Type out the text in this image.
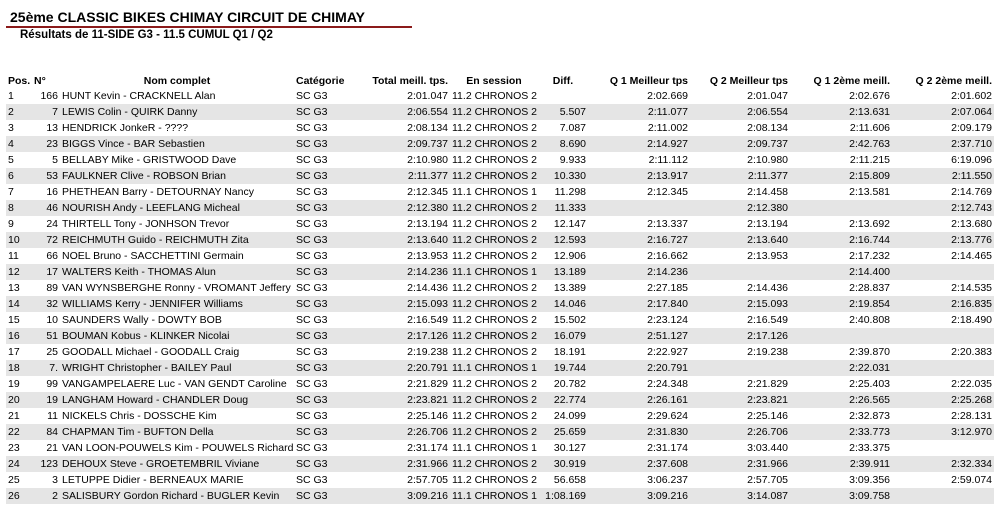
25ème CLASSIC BIKES CHIMAY CIRCUIT DE CHIMAY
Résultats de 11-SIDE G3 - 11.5 CUMUL Q1 / Q2
Pos.	N°	Nom complet	Catégorie	Total meill. tps.	En session	Diff.	Q 1 Meilleur tps	Q 2 Meilleur tps	Q 1 2ème meill.	Q 2 2ème meill.
1	166	HUNT Kevin - CRACKNELL Alan	SC G3	2:01.047	11.2 CHRONOS 2		2:02.669	2:01.047	2:02.676	2:01.602
2	7	LEWIS Colin - QUIRK Danny	SC G3	2:06.554	11.2 CHRONOS 2	5.507	2:11.077	2:06.554	2:13.631	2:07.064
3	13	HENDRICK JonkeR - ????	SC G3	2:08.134	11.2 CHRONOS 2	7.087	2:11.002	2:08.134	2:11.606	2:09.179
4	23	BIGGS Vince - BAR Sebastien	SC G3	2:09.737	11.2 CHRONOS 2	8.690	2:14.927	2:09.737	2:42.763	2:37.710
5	5	BELLABY Mike - GRISTWOOD Dave	SC G3	2:10.980	11.2 CHRONOS 2	9.933	2:11.112	2:10.980	2:11.215	6:19.096
6	53	FAULKNER Clive - ROBSON Brian	SC G3	2:11.377	11.2 CHRONOS 2	10.330	2:13.917	2:11.377	2:15.809	2:11.550
7	16	PHETHEAN Barry - DETOURNAY Nancy	SC G3	2:12.345	11.1 CHRONOS 1	11.298	2:12.345	2:14.458	2:13.581	2:14.769
8	46	NOURISH Andy - LEEFLANG Micheal	SC G3	2:12.380	11.2 CHRONOS 2	11.333		2:12.380		2:12.743
9	24	THIRTELL Tony - JONHSON Trevor	SC G3	2:13.194	11.2 CHRONOS 2	12.147	2:13.337	2:13.194	2:13.692	2:13.680
10	72	REICHMUTH Guido - REICHMUTH Zita	SC G3	2:13.640	11.2 CHRONOS 2	12.593	2:16.727	2:13.640	2:16.744	2:13.776
11	66	NOEL Bruno - SACCHETTINI Germain	SC G3	2:13.953	11.2 CHRONOS 2	12.906	2:16.662	2:13.953	2:17.232	2:14.465
12	17	WALTERS Keith - THOMAS Alun	SC G3	2:14.236	11.1 CHRONOS 1	13.189	2:14.236		2:14.400	
13	89	VAN WYNSBERGHE Ronny - VROMANT Jeffery	SC G3	2:14.436	11.2 CHRONOS 2	13.389	2:27.185	2:14.436	2:28.837	2:14.535
14	32	WILLIAMS Kerry - JENNIFER Williams	SC G3	2:15.093	11.2 CHRONOS 2	14.046	2:17.840	2:15.093	2:19.854	2:16.835
15	10	SAUNDERS Wally - DOWTY BOB	SC G3	2:16.549	11.2 CHRONOS 2	15.502	2:23.124	2:16.549	2:40.808	2:18.490
16	51	BOUMAN Kobus - KLINKER Nicolai	SC G3	2:17.126	11.2 CHRONOS 2	16.079	2:51.127	2:17.126		
17	25	GOODALL Michael - GOODALL Craig	SC G3	2:19.238	11.2 CHRONOS 2	18.191	2:22.927	2:19.238	2:39.870	2:20.383
18	7.	WRIGHT Christopher - BAILEY Paul	SC G3	2:20.791	11.1 CHRONOS 1	19.744	2:20.791		2:22.031	
19	99	VANGAMPELAERE Luc - VAN GENDT Caroline	SC G3	2:21.829	11.2 CHRONOS 2	20.782	2:24.348	2:21.829	2:25.403	2:22.035
20	19	LANGHAM Howard - CHANDLER Doug	SC G3	2:23.821	11.2 CHRONOS 2	22.774	2:26.161	2:23.821	2:26.565	2:25.268
21	11	NICKELS Chris - DOSSCHE Kim	SC G3	2:25.146	11.2 CHRONOS 2	24.099	2:29.624	2:25.146	2:32.873	2:28.131
22	84	CHAPMAN Tim - BUFTON Della	SC G3	2:26.706	11.2 CHRONOS 2	25.659	2:31.830	2:26.706	2:33.773	3:12.970
23	21	VAN LOON-POUWELS Kim - POUWELS Richard	SC G3	2:31.174	11.1 CHRONOS 1	30.127	2:31.174	3:03.440	2:33.375	
24	123	DEHOUX Steve - GROETEMBRIL Viviane	SC G3	2:31.966	11.2 CHRONOS 2	30.919	2:37.608	2:31.966	2:39.911	2:32.334
25	3	LETUPPE Didier - BERNEAUX MARIE	SC G3	2:57.705	11.2 CHRONOS 2	56.658	3:06.237	2:57.705	3:09.356	2:59.074
26	2	SALISBURY Gordon Richard - BUGLER Kevin	SC G3	3:09.216	11.1 CHRONOS 1	1:08.169	3:09.216	3:14.087	3:09.758	
